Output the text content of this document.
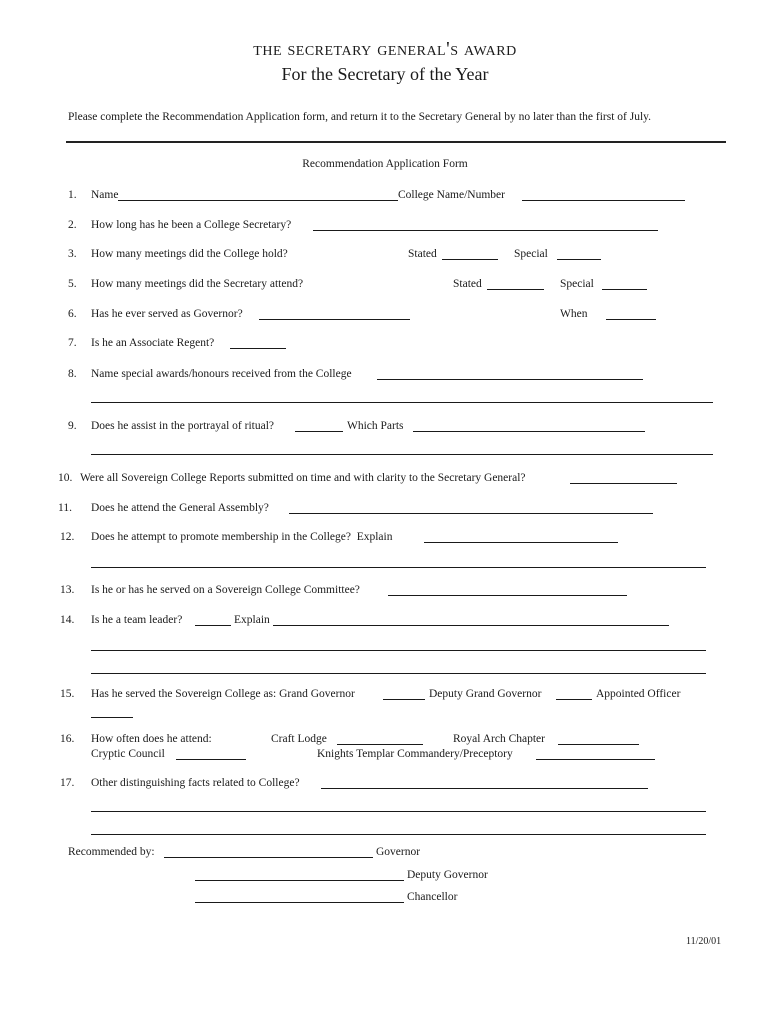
the secretary general's award
For the Secretary of the Year
Please complete the Recommendation Application form, and return it to the Secretary General by no later than the first of July.
Recommendation Application Form
1. Name	College Name/Number
2. How long has he been a College Secretary?
3. How many meetings did the College hold?	Stated	Special
5. How many meetings did the Secretary attend?	Stated	Special
6. Has he ever served as Governor?	When
7. Is he an Associate Regent?
8. Name special awards/honours received from the College
9. Does he assist in the portrayal of ritual?	Which Parts
10. Were all Sovereign College Reports submitted on time and with clarity to the Secretary General?
11. Does he attend the General Assembly?
12. Does he attempt to promote membership in the College?  Explain
13. Is he or has he served on a Sovereign College Committee?
14. Is he a team leader?	Explain
15. Has he served the Sovereign College as: Grand Governor	Deputy Grand Governor	Appointed Officer
16. How often does he attend:	Craft Lodge	Royal Arch Chapter
Cryptic Council	Knights Templar Commandery/Preceptory
17. Other distinguishing facts related to College?
Recommended by:	Governor
Deputy Governor
Chancellor
11/20/01
